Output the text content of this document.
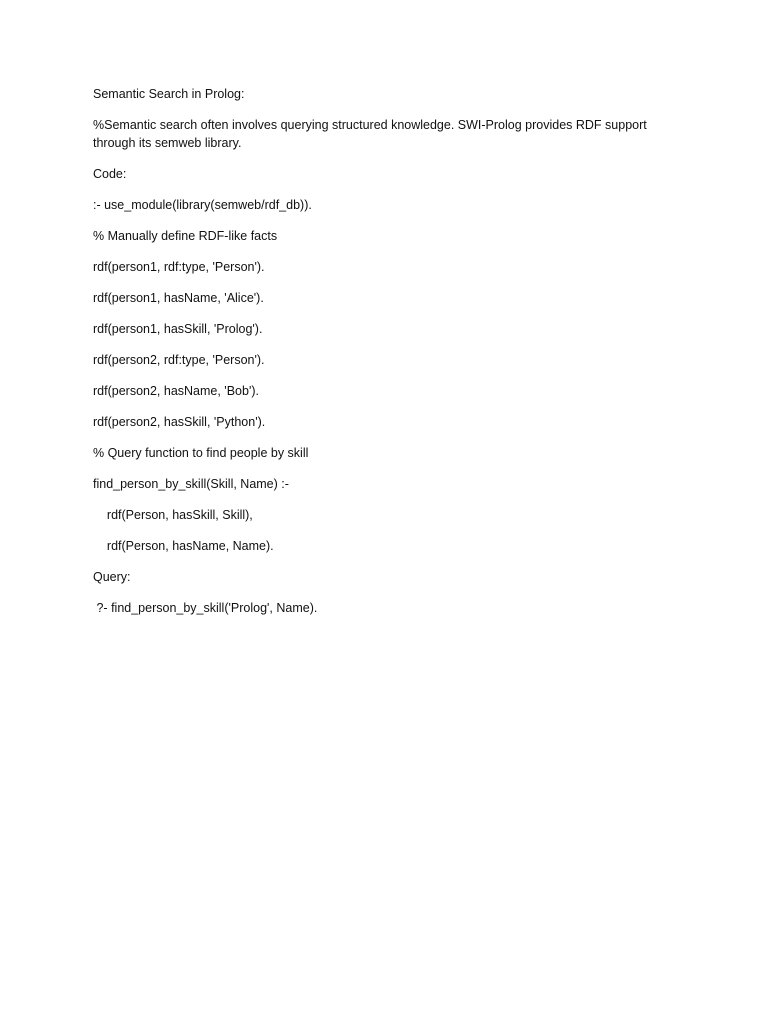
Semantic Search in Prolog:

%Semantic search often involves querying structured knowledge. SWI-Prolog provides RDF support through its semweb library.

Code:

:- use_module(library(semweb/rdf_db)).

% Manually define RDF-like facts

rdf(person1, rdf:type, 'Person').

rdf(person1, hasName, 'Alice').

rdf(person1, hasSkill, 'Prolog').

rdf(person2, rdf:type, 'Person').

rdf(person2, hasName, 'Bob').

rdf(person2, hasSkill, 'Python').

% Query function to find people by skill

find_person_by_skill(Skill, Name) :-

rdf(Person, hasSkill, Skill),

rdf(Person, hasName, Name).

Query:

?- find_person_by_skill('Prolog', Name).
